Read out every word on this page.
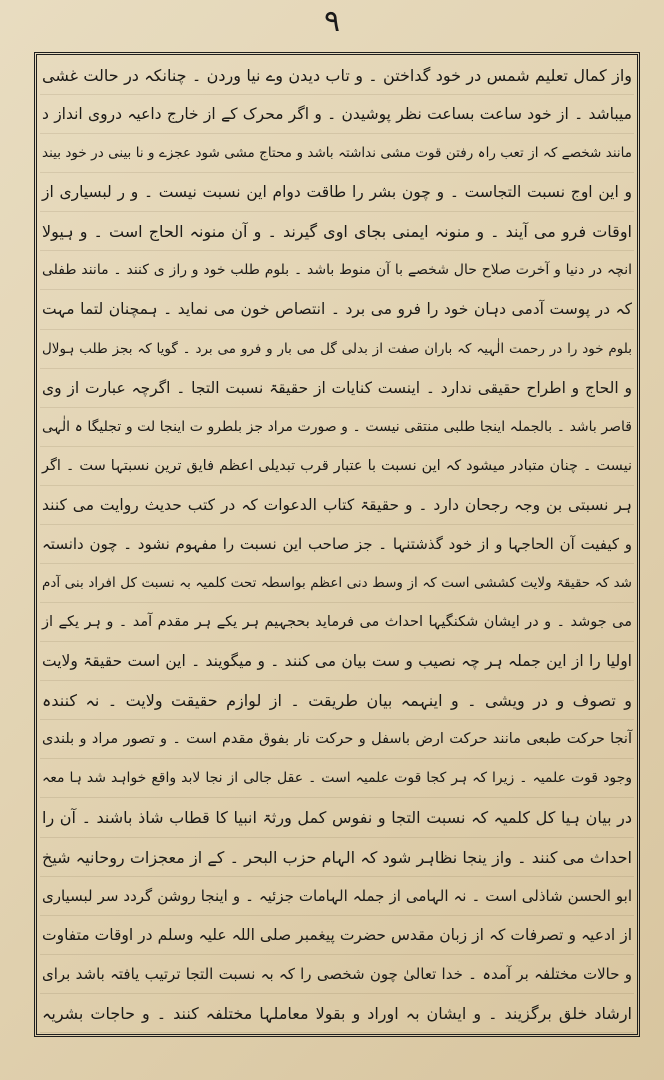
۹
واز کمال تعلیم شمس در خود گداختن ۔ و تاب دیدن وے نیا وردن ۔ چنانکہ در حالت غشی
میباشد ۔ از خود ساعت بساعت نظر پوشیدن ۔ و اگر محرک کے از خارج داعیہ دروی انداز د
مانند شخصے کہ از تعب راہ رفتن قوت مشی نداشتہ باشد و محتاج مشی شود عجزے و نا بینی در خود بیند
و این اوج نسبت التجاست ۔ و چون بشر را طاقت دوام این نسبت نیست ۔ و ر لبسیاری از
اوقات فرو می آیند ۔ و منونہ ایمنی بجای اوی گیرند ۔ و آن منونہ الحاج است ۔ و ہیولا
انچہ در دنیا و آخرت صلاح حال شخصے با آن منوط باشد ۔ بلوم طلب خود و راز ی کنند ۔ مانند طفلی
کہ در پوست آدمی دہان خود را فرو می برد ۔ انتصاص خون می نماید ۔ ہمچنان لتما مہت
بلوم خود را در رحمت الٰہیہ کہ باران صفت از بدلی گل می بار و فرو می برد ۔ گویا کہ بجز طلب ہولال
و الحاج و اطراح حقیقی ندارد ۔ اینست کنایات از حقیقۃ نسبت التجا ۔ اگرچہ عبارت از وی
قاصر باشد ۔ بالجملہ اینجا طلبی منتقی نیست ۔ و صورت مراد جز بلطرو ت اینجا لت و تجلیگا ہ الٰہی
نیست ۔ چنان متبادر میشود کہ این نسبت با عتبار قرب تبدیلی اعظم فایق ترین نسبتہا ست ۔ اگر
ہر نسبتی بن وجہ رجحان دارد ۔ و حقیقۃ کتاب الدعوات کہ در کتب حدیث روایت می کنند
و کیفیت آن الحاجہا و از خود گذشتنہا ۔ جز صاحب این نسبت را مفہوم نشود ۔ چون دانستہ
شد کہ حقیقۃ ولایت کششی است کہ از وسط دنی اعظم بواسطہ تحت کلمیہ بہ نسبت کل افراد بنی آدم
می جوشد ۔ و در ایشان شکنگیہا احداث می فرماید بحجہیم ہر یکے ہر مقدم آمد ۔ و ہر یکے از
اولیا را از این جملہ ہر چہ نصیب و ست بیان می کنند ۔ و میگویند ۔ این است حقیقۃ ولایت
و تصوف و در ویشی ۔ و اینہمہ بیان طریقت ۔ از لوازم حقیقت ولایت ۔ نہ کنندہ
آنجا حرکت طبعی مانند حرکت ارض باسفل و حرکت نار بفوق مقدم است ۔ و تصور مراد و بلندی
وجود قوت علمیہ ۔ زیرا کہ ہر کجا قوت علمیہ است ۔ عقل جالی از نجا لابد واقع خواہد شد ہا معہ
در بیان ہیا کل کلمیہ کہ نسبت التجا و نفوس کمل ورثۃ انبیا کا قطاب شاذ باشند ۔ آن را
احداث می کنند ۔ واز ینجا نظاہر شود کہ الہام حزب البحر ۔ کے از معجزات روحانیہ شیخ
ابو الحسن شاذلی است ۔ نہ الہامی از جملہ الہامات جزئیہ ۔ و اینجا روشن گردد سر لبسیاری
از ادعیہ و تصرفات کہ از زبان مقدس حضرت پیغمبر صلی اللہ علیہ وسلم در اوقات متفاوت
و حالات مختلفہ بر آمدہ ۔ خدا تعالیٰ چون شخصی را کہ بہ نسبت التجا ترتیب یافتہ باشد برای
ارشاد خلق برگزیند ۔ و ایشان بہ اوراد و بقولا معاملہا مختلفہ کنند ۔ و حاجات بشریہ
